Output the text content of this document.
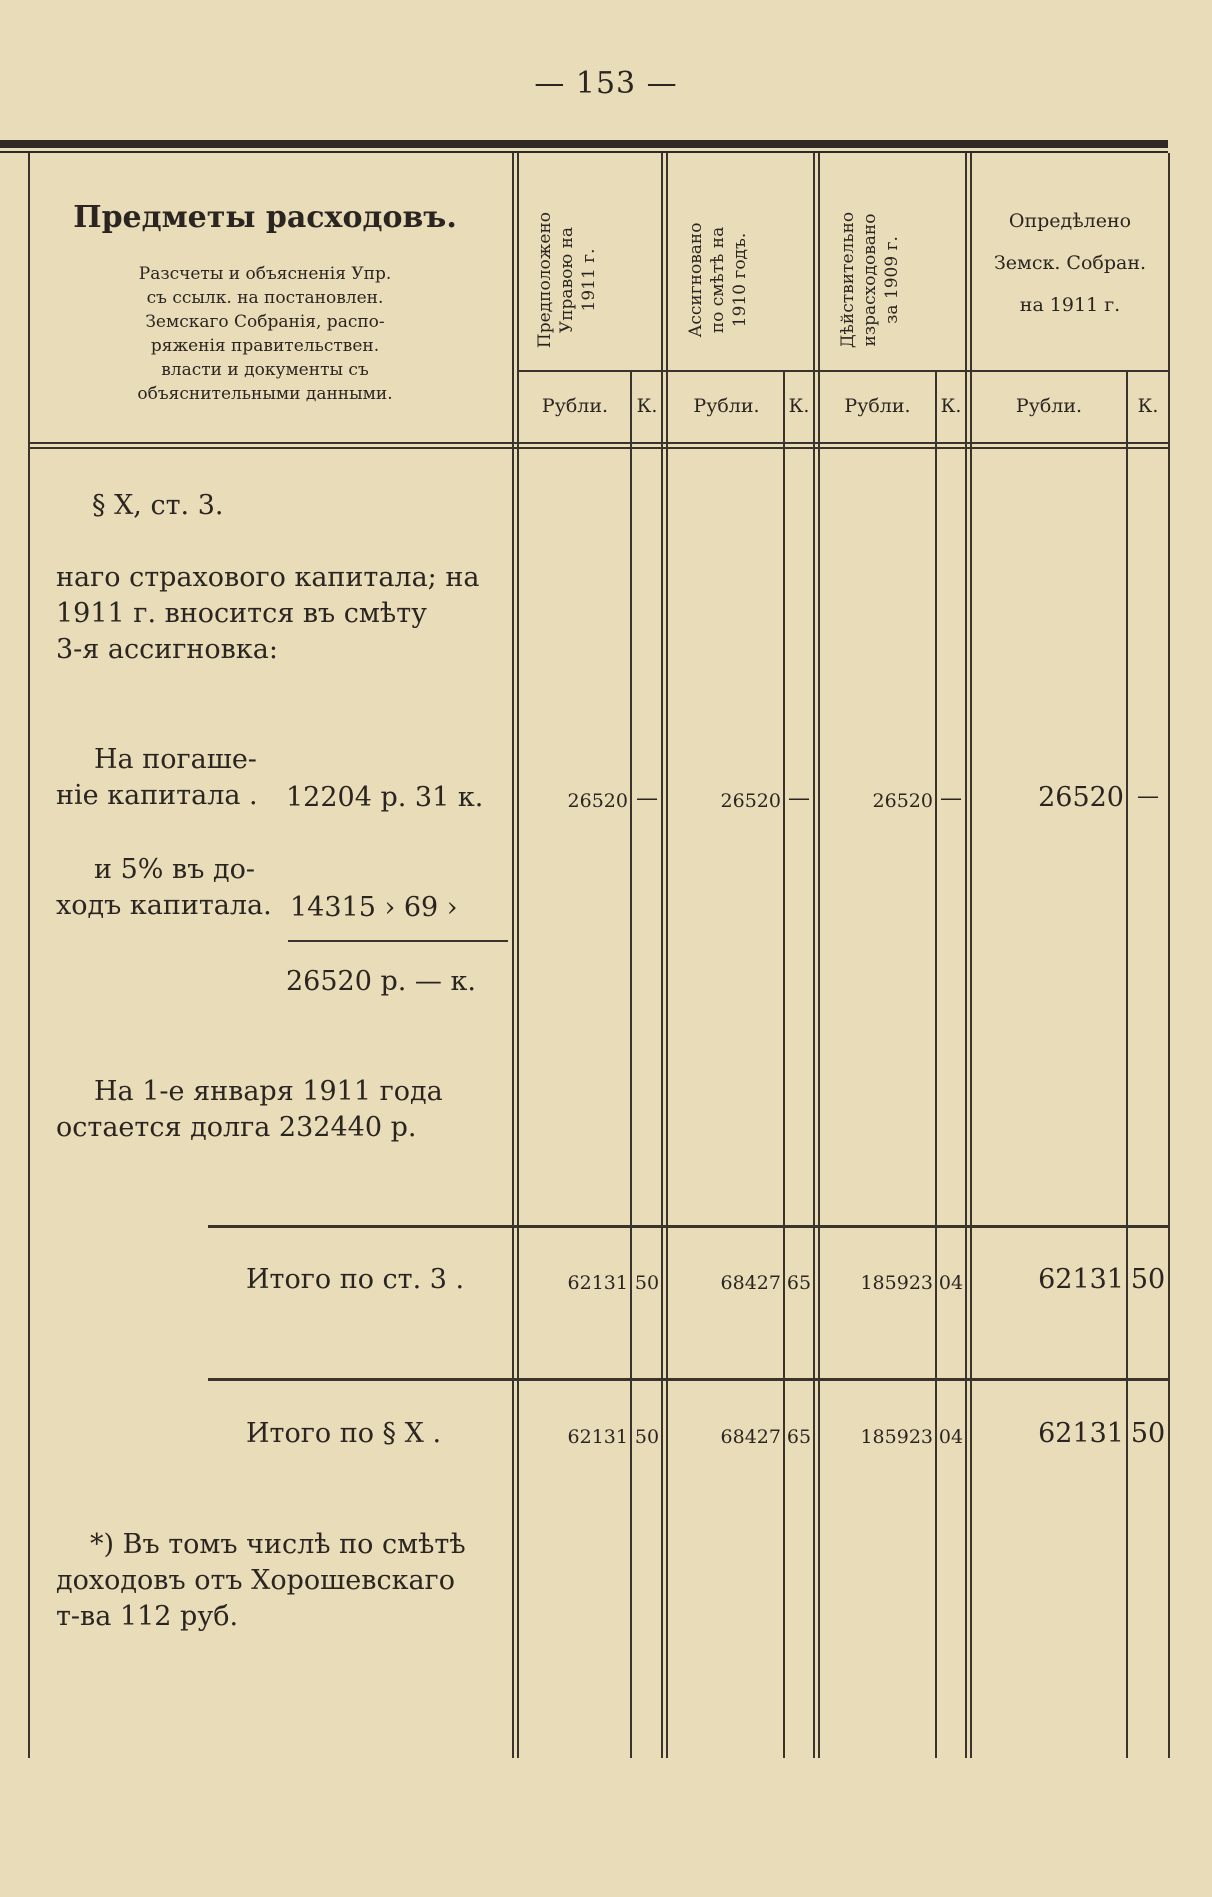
— 153 —
Предметы расходовъ.
Разсчеты и объясненія Упр.
съ ссылк. на постановлен.
Земскаго Собранія, распо-
ряженія правительствен.
власти и документы съ
объяснительными данными.
Предположено Управою на 1911 г.	Ассигновано по смѣтѣ на 1910 годъ.	Дѣйствительно израсходовано за 1909 г.
Опредѣлено
Земск. Собран.
на 1911 г.
Рубли.	К.	Рубли.	К.	Рубли.	К.	Рубли.	К.
§ X, ст. 3.
наго страхового капитала; на
1911 г. вносится въ смѣту
3-я ассигновка:
На погаше-
ніе капитала . 12204 р. 31 к.
и 5% въ до-
ходъ капитала. 14315 › 69 ›
26520 р. — к.
На 1-е января 1911 года
остается долга 232440 р.
26520 —	26520 —	26520 —	26520 —
Итого по ст. 3 .	62131 50	68427 65	185923 04	62131 50
Итого по § X .	62131 50	68427 65	185923 04	62131 50
*) Въ томъ числѣ по смѣтѣ
доходовъ отъ Хорошевскаго
т-ва 112 руб.
